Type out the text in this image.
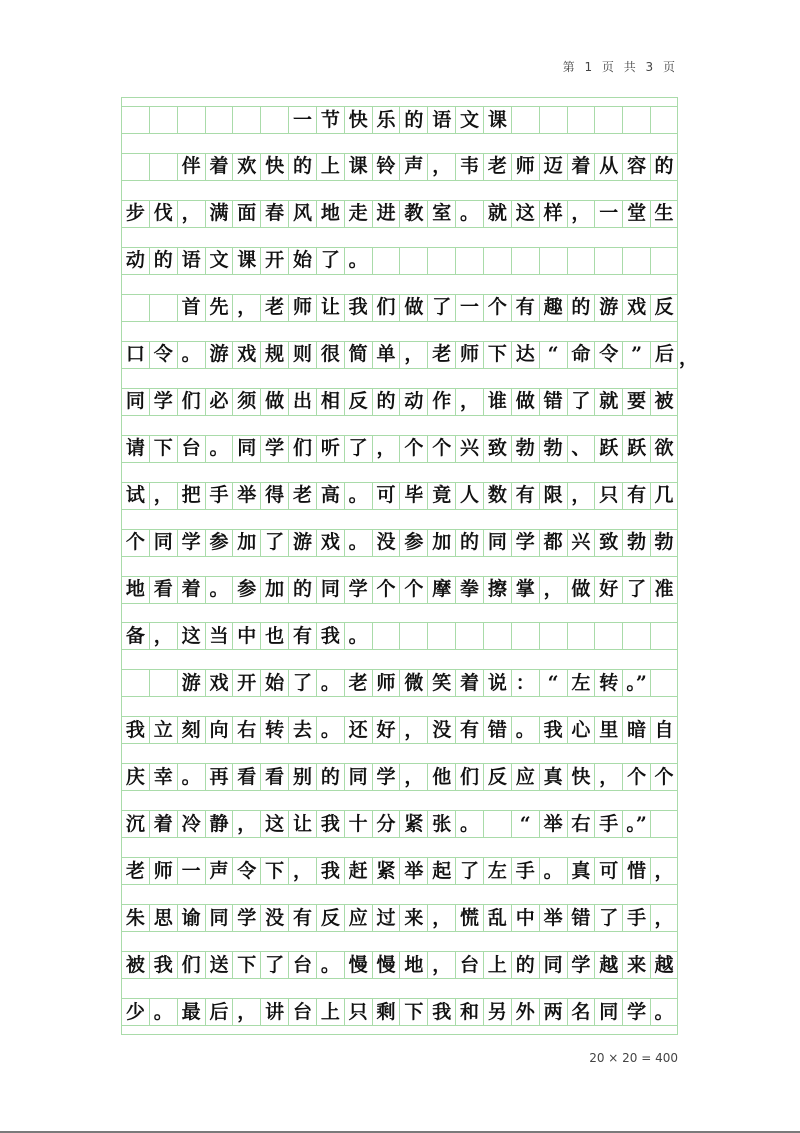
第 1 页 共 3 页
一 节 快 乐 的 语 文 课
伴 着 欢 快 的 上 课 铃 声 ， 韦 老 师 迈 着 从 容 的
步 伐 ， 满 面 春 风 地 走 进 教 室 。 就 这 样 ， 一 堂 生
动 的 语 文 课 开 始 了 。
首 先 ， 老 师 让 我 们 做 了 一 个 有 趣 的 游 戏 反
口 令 。 游 戏 规 则 很 简 单 ， 老 师 下 达 “ 命 令 ” 后 ，
同 学 们 必 须 做 出 相 反 的 动 作 ， 谁 做 错 了 就 要 被
请 下 台 。 同 学 们 听 了 ， 个 个 兴 致 勃 勃 、 跃 跃 欲
试 ， 把 手 举 得 老 高 。 可 毕 竟 人 数 有 限 ， 只 有 几
个 同 学 参 加 了 游 戏 。 没 参 加 的 同 学 都 兴 致 勃 勃
地 看 着 。 参 加 的 同 学 个 个 摩 拳 擦 掌 ， 做 好 了 准
备 ， 这 当 中 也 有 我 。
游 戏 开 始 了 。 老 师 微 笑 着 说 ： “ 左 转 。”
我 立 刻 向 右 转 去 。 还 好 ， 没 有 错 。 我 心 里 暗 自
庆 幸 。 再 看 看 别 的 同 学 ， 他 们 反 应 真 快 ， 个 个
沉 着 冷 静 ， 这 让 我 十 分 紧 张 。	“ 举 右 手 。”
老 师 一 声 令 下 ， 我 赶 紧 举 起 了 左 手 。 真 可 惜 ，
朱 思 谕 同 学 没 有 反 应 过 来 ， 慌 乱 中 举 错 了 手 ，
被 我 们 送 下 了 台 。 慢 慢 地 ， 台 上 的 同 学 越 来 越
少 。 最 后 ， 讲 台 上 只 剩 下 我 和 另 外 两 名 同 学 。
20 × 20 = 400
